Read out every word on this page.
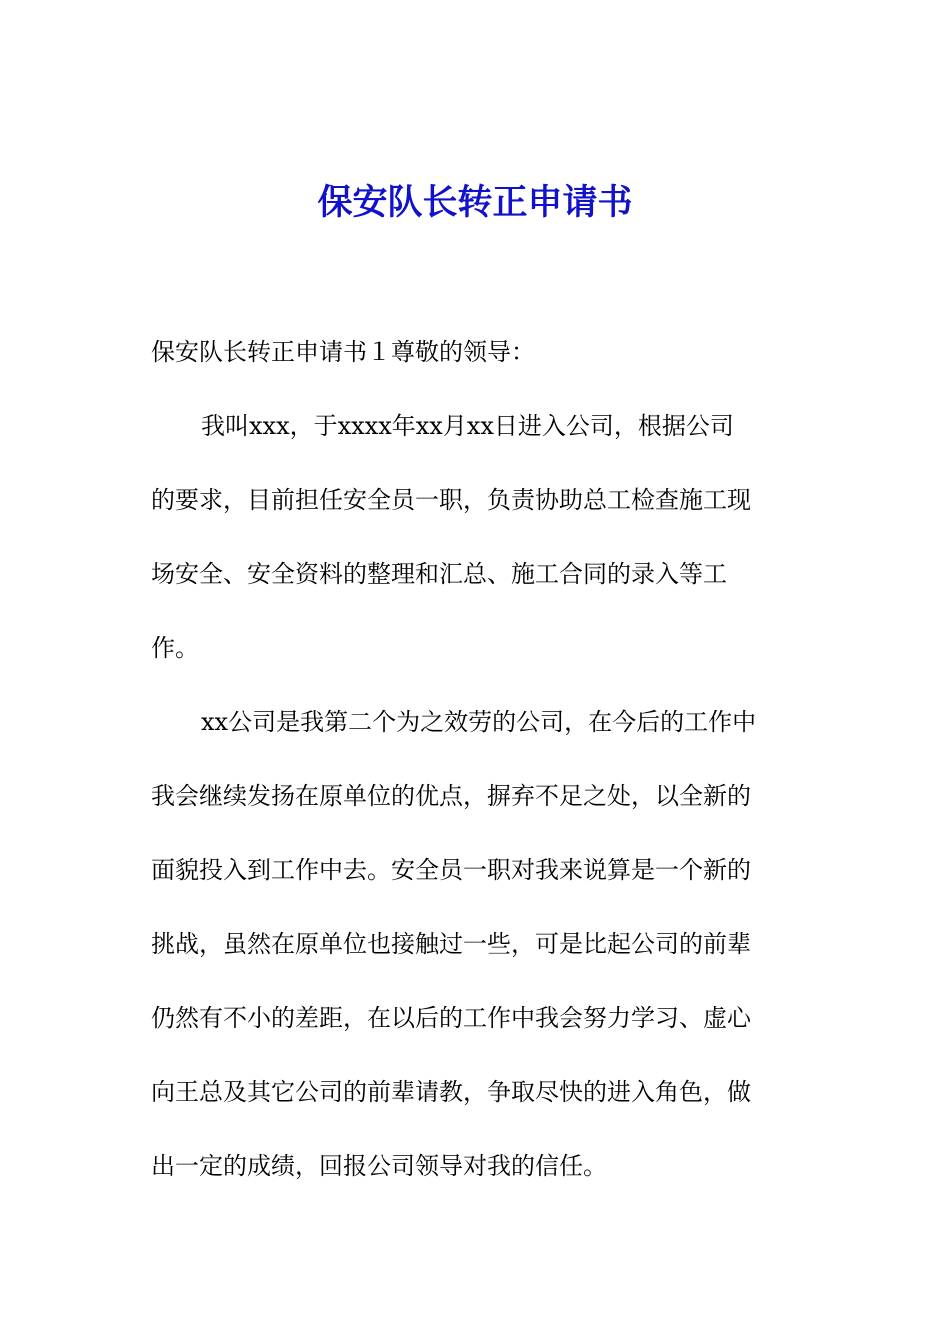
保安队长转正申请书
保安队长转正申请书１尊敬的领导：
我叫xxx，于xxxx年xx月xx日进入公司，根据公司
的要求，目前担任安全员一职，负责协助总工检查施工现
场安全、安全资料的整理和汇总、施工合同的录入等工
作。
xx公司是我第二个为之效劳的公司，在今后的工作中
我会继续发扬在原单位的优点，摒弃不足之处，以全新的
面貌投入到工作中去。安全员一职对我来说算是一个新的
挑战，虽然在原单位也接触过一些，可是比起公司的前辈
仍然有不小的差距，在以后的工作中我会努力学习、虚心
向王总及其它公司的前辈请教，争取尽快的进入角色，做
出一定的成绩，回报公司领导对我的信任。
